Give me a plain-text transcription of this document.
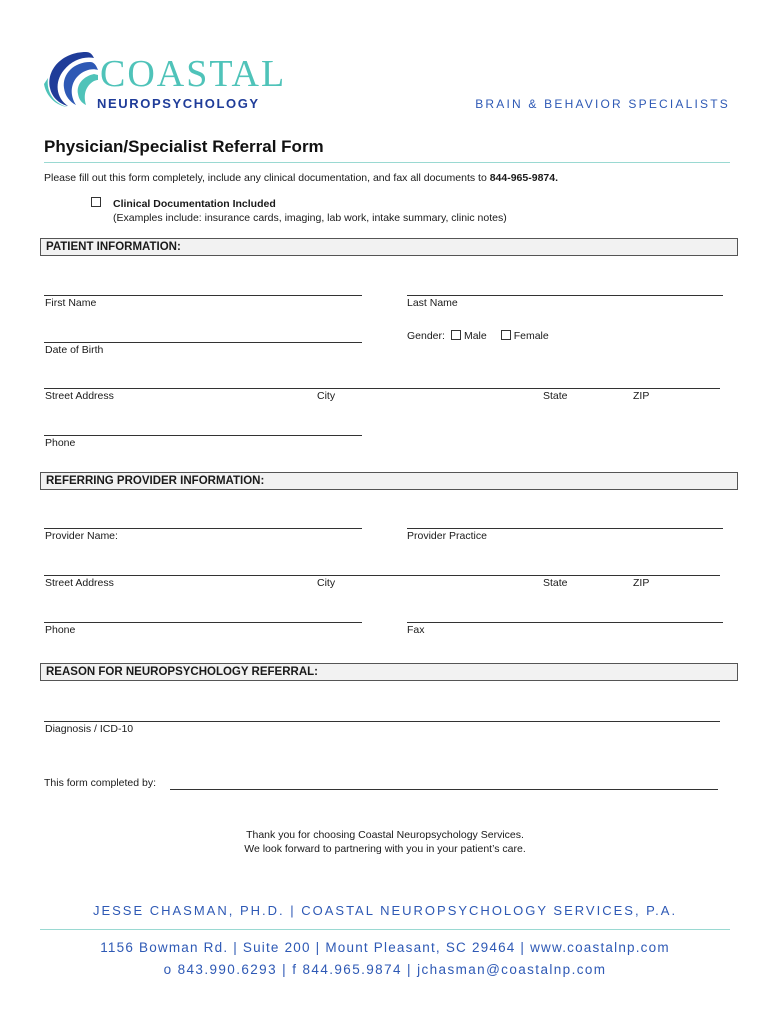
COASTAL
NEUROPSYCHOLOGY	BRAIN & BEHAVIOR SPECIALISTS
Physician/Specialist Referral Form
Please fill out this form completely, include any clinical documentation, and fax all documents to 844-965-9874.
Clinical Documentation Included
(Examples include: insurance cards, imaging, lab work, intake summary, clinic notes)
PATIENT INFORMATION:
First Name	Last Name
Date of Birth
Gender: Male	Female
Street Address	City	State	ZIP
Phone
REFERRING PROVIDER INFORMATION:
Provider Name:	Provider Practice
Street Address	City	State	ZIP
Phone	Fax
REASON FOR NEUROPSYCHOLOGY REFERRAL:
Diagnosis / ICD-10
This form completed by:
Thank you for choosing Coastal Neuropsychology Services.
We look forward to partnering with you in your patient’s care.
JESSE CHASMAN, PH.D. | COASTAL NEUROPSYCHOLOGY SERVICES, P.A.
1156 Bowman Rd. | Suite 200 | Mount Pleasant, SC 29464 | www.coastalnp.com
o 843.990.6293 | f 844.965.9874 | jchasman@coastalnp.com
